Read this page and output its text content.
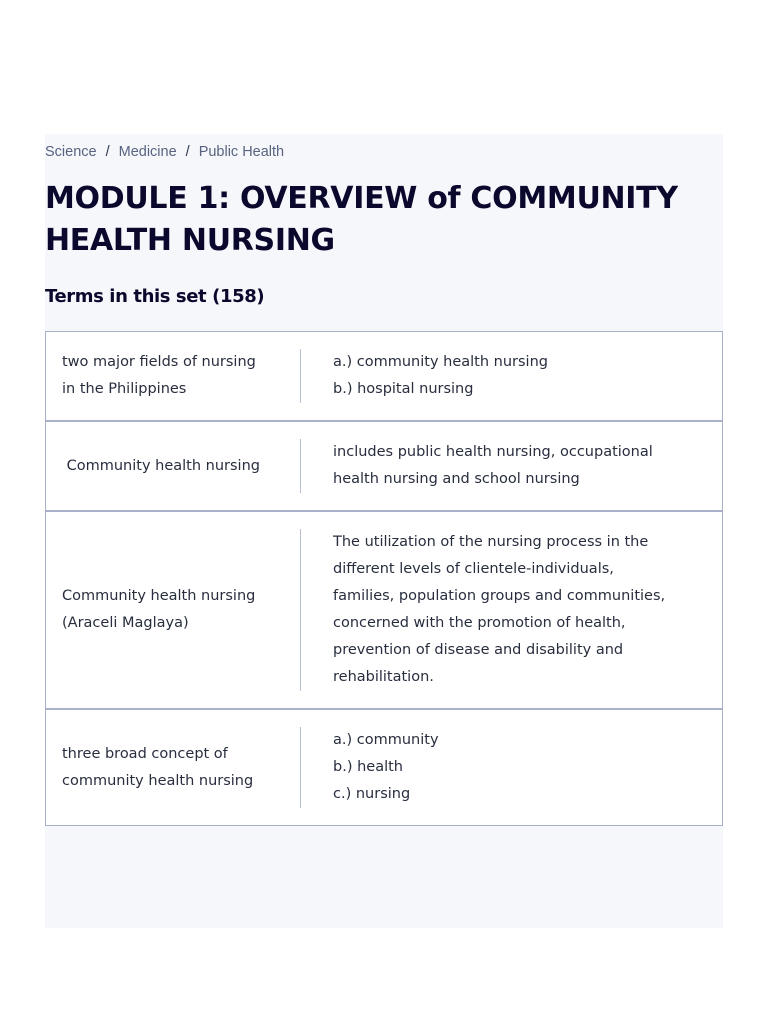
Science / Medicine / Public Health
MODULE 1: OVERVIEW of COMMUNITY HEALTH NURSING
Terms in this set (158)
two major fields of nursing
in the Philippines
a.) community health nursing
b.) hospital nursing
Community health nursing
includes public health nursing, occupational
health nursing and school nursing
Community health nursing
(Araceli Maglaya)
The utilization of the nursing process in the
different levels of clientele-individuals,
families, population groups and communities,
concerned with the promotion of health,
prevention of disease and disability and
rehabilitation.
three broad concept of
community health nursing
a.) community
b.) health
c.) nursing
